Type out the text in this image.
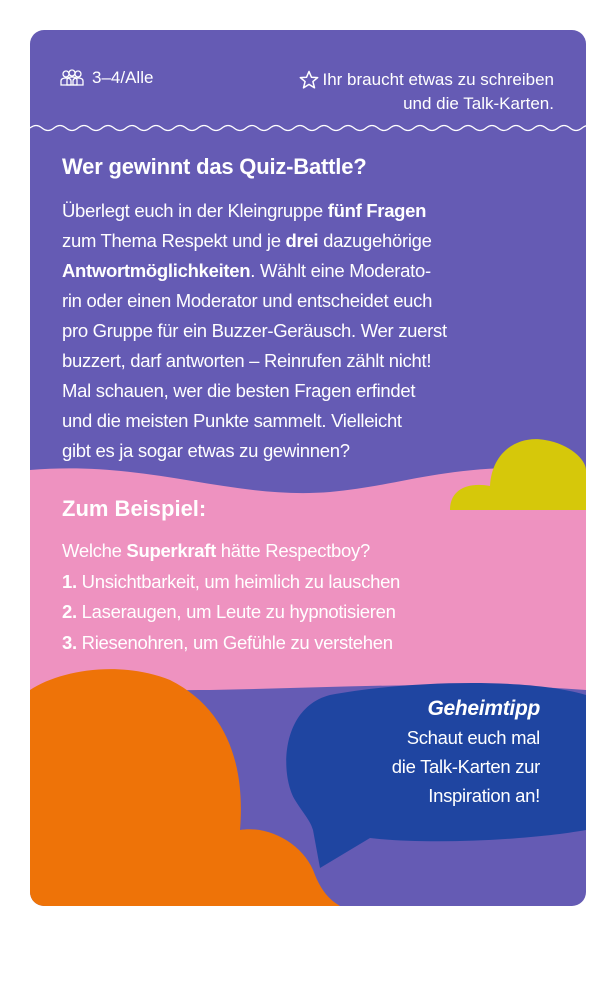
3–4/Alle	Ihr braucht etwas zu schreiben
und die Talk-Karten.
Wer gewinnt das Quiz-Battle?
Überlegt euch in der Kleingruppe fünf Fragen
zum Thema Respekt und je drei dazugehörige
Antwortmöglichkeiten. Wählt eine Moderato-
rin oder einen Moderator und entscheidet euch
pro Gruppe für ein Buzzer-Geräusch. Wer zuerst
buzzert, darf antworten – Reinrufen zählt nicht!
Mal schauen, wer die besten Fragen erfindet
und die meisten Punkte sammelt. Vielleicht
gibt es ja sogar etwas zu gewinnen?
Zum Beispiel:
Welche Superkraft hätte Respectboy?
1. Unsichtbarkeit, um heimlich zu lauschen
2. Laseraugen, um Leute zu hypnotisieren
3. Riesenohren, um Gefühle zu verstehen
Geheimtipp
Schaut euch mal
die Talk-Karten zur
Inspiration an!
